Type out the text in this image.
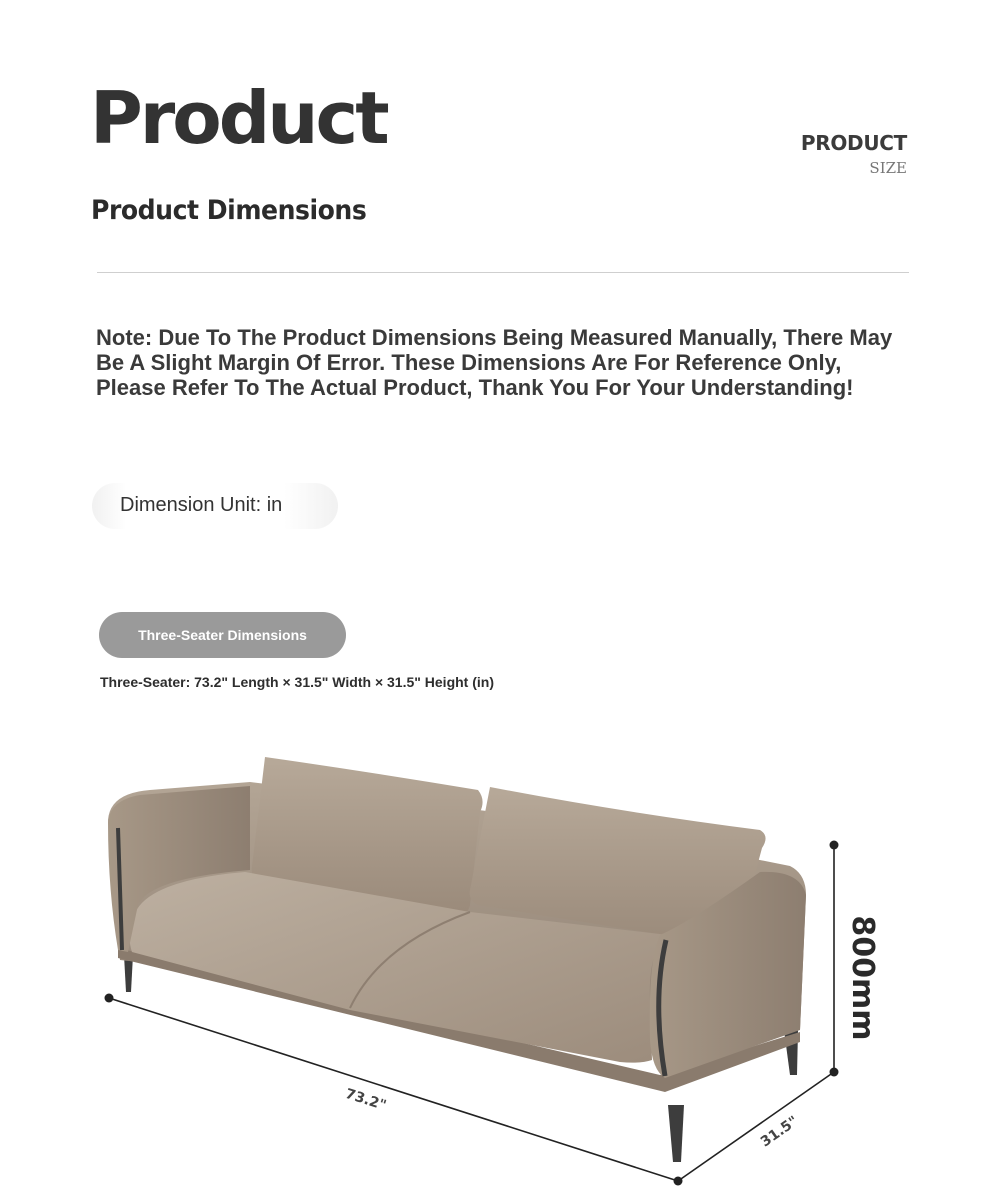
Product
Product Dimensions
PRODUCT
SIZE

Note: Due To The Product Dimensions Being Measured Manually, There May Be A Slight Margin Of Error. These Dimensions Are For Reference Only, Please Refer To The Actual Product, Thank You For Your Understanding!

Dimension Unit: in
Three-Seater Dimensions
Three-Seater: 73.2" Length × 31.5" Width × 31.5" Height (in)
73.2"
31.5"
800mm
